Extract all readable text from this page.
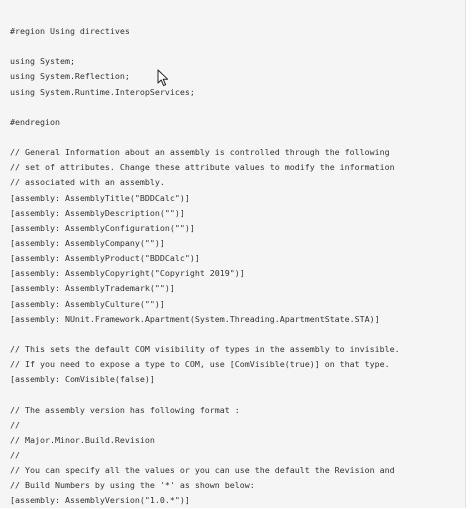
#region Using directives
using System;
using System.Reflection;
using System.Runtime.InteropServices;
#endregion
// General Information about an assembly is controlled through the following
// set of attributes. Change these attribute values to modify the information
// associated with an assembly.
[assembly: AssemblyTitle("BDDCalc")]
[assembly: AssemblyDescription("")]
[assembly: AssemblyConfiguration("")]
[assembly: AssemblyCompany("")]
[assembly: AssemblyProduct("BDDCalc")]
[assembly: AssemblyCopyright("Copyright 2019")]
[assembly: AssemblyTrademark("")]
[assembly: AssemblyCulture("")]
[assembly: NUnit.Framework.Apartment(System.Threading.ApartmentState.STA)]
// This sets the default COM visibility of types in the assembly to invisible.
// If you need to expose a type to COM, use [ComVisible(true)] on that type.
[assembly: ComVisible(false)]
// The assembly version has following format :
//
// Major.Minor.Build.Revision
//
// You can specify all the values or you can use the default the Revision and
// Build Numbers by using the '*' as shown below:
[assembly: AssemblyVersion("1.0.*")]
